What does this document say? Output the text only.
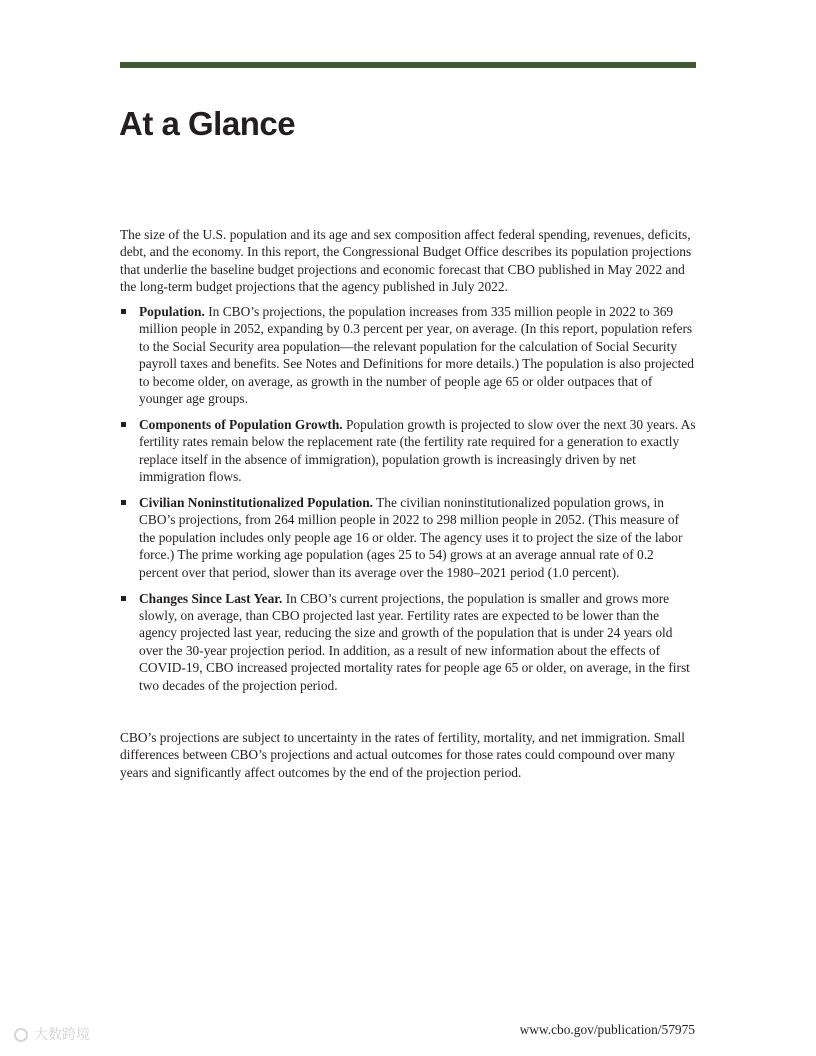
At a Glance

The size of the U.S. population and its age and sex composition affect federal spending, revenues, deficits, debt, and the economy. In this report, the Congressional Budget Office describes its population projections that underlie the baseline budget projections and economic forecast that CBO published in May 2022 and the long-term budget projections that the agency published in July 2022.

Population. In CBO’s projections, the population increases from 335 million people in 2022 to 369 million people in 2052, expanding by 0.3 percent per year, on average. (In this report, population refers to the Social Security area population—the relevant population for the calculation of Social Security payroll taxes and benefits. See Notes and Definitions for more details.) The population is also projected to become older, on average, as growth in the number of people age 65 or older outpaces that of younger age groups.
Components of Population Growth. Population growth is projected to slow over the next 30 years. As fertility rates remain below the replacement rate (the fertility rate required for a generation to exactly replace itself in the absence of immigration), population growth is increasingly driven by net immigration flows.
Civilian Noninstitutionalized Population. The civilian noninstitutionalized population grows, in CBO’s projections, from 264 million people in 2022 to 298 million people in 2052. (This measure of the population includes only people age 16 or older. The agency uses it to project the size of the labor force.) The prime working age population (ages 25 to 54) grows at an average annual rate of 0.2 percent over that period, slower than its average over the 1980–2021 period (1.0 percent).
Changes Since Last Year. In CBO’s current projections, the population is smaller and grows more slowly, on average, than CBO projected last year. Fertility rates are expected to be lower than the agency projected last year, reducing the size and growth of the population that is under 24 years old over the 30-year projection period. In addition, as a result of new information about the effects of COVID-19, CBO increased projected mortality rates for people age 65 or older, on average, in the first two decades of the projection period.

CBO’s projections are subject to uncertainty in the rates of fertility, mortality, and net immigration. Small differences between CBO’s projections and actual outcomes for those rates could compound over many years and significantly affect outcomes by the end of the projection period.

大数跨境	www.cbo.gov/publication/57975
